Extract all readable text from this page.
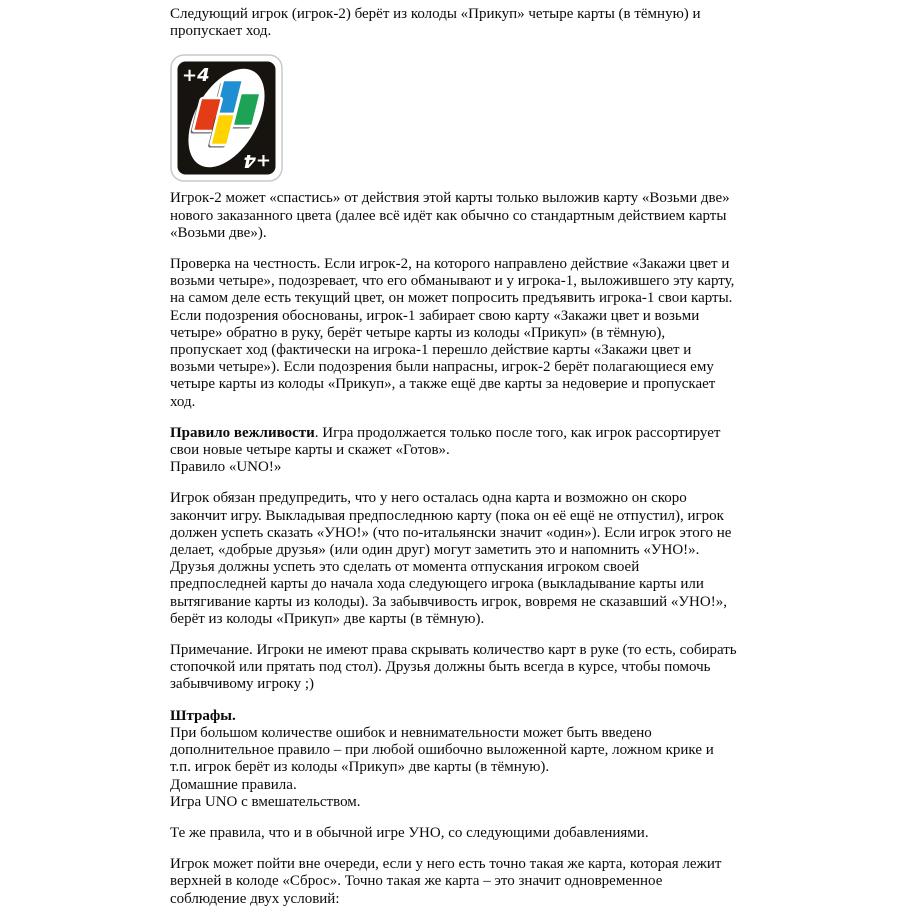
Следующий игрок (игрок-2) берёт из колоды «Прикуп» четыре карты (в тёмную) и пропускает ход.

+4
+4

Игрок-2 может «спастись» от действия этой карты только выложив карту «Возьми две» нового заказанного цвета (далее всё идёт как обычно со стандартным действием карты «Возьми две»).

Проверка на честность. Если игрок-2, на которого направлено действие «Закажи цвет и возьми четыре», подозревает, что его обманывают и у игрока-1, выложившего эту карту, на самом деле есть текущий цвет, он может попросить предъявить игрока-1 свои карты. Если подозрения обоснованы, игрок-1 забирает свою карту «Закажи цвет и возьми четыре» обратно в руку, берёт четыре карты из колоды «Прикуп» (в тёмную), пропускает ход (фактически на игрока-1 перешло действие карты «Закажи цвет и возьми четыре»). Если подозрения были напрасны, игрок-2 берёт полагающиеся ему четыре карты из колоды «Прикуп», а также ещё две карты за недоверие и пропускает ход.

Правило вежливости. Игра продолжается только после того, как игрок рассортирует свои новые четыре карты и скажет «Готов».
Правило «UNO!»

Игрок обязан предупредить, что у него осталась одна карта и возможно он скоро закончит игру. Выкладывая предпоследнюю карту (пока он её ещё не отпустил), игрок должен успеть сказать «УНО!» (что по-итальянски значит «один»). Если игрок этого не делает, «добрые друзья» (или один друг) могут заметить это и напомнить «УНО!». Друзья должны успеть это сделать от момента отпускания игроком своей предпоследней карты до начала хода следующего игрока (выкладывание карты или вытягивание карты из колоды). За забывчивость игрок, вовремя не сказавший «УНО!», берёт из колоды «Прикуп» две карты (в тёмную).

Примечание. Игроки не имеют права скрывать количество карт в руке (то есть, собирать стопочкой или прятать под стол). Друзья должны быть всегда в курсе, чтобы помочь забывчивому игроку ;)

Штрафы.
При большом количестве ошибок и невнимательности может быть введено дополнительное правило – при любой ошибочно выложенной карте, ложном крике и т.п. игрок берёт из колоды «Прикуп» две карты (в тёмную).
Домашние правила.
Игра UNO с вмешательством.

Те же правила, что и в обычной игре УНО, со следующими добавлениями.

Игрок может пойти вне очереди, если у него есть точно такая же карта, которая лежит верхней в колоде «Сброс». Точно такая же карта – это значит одновременное соблюдение двух условий:
